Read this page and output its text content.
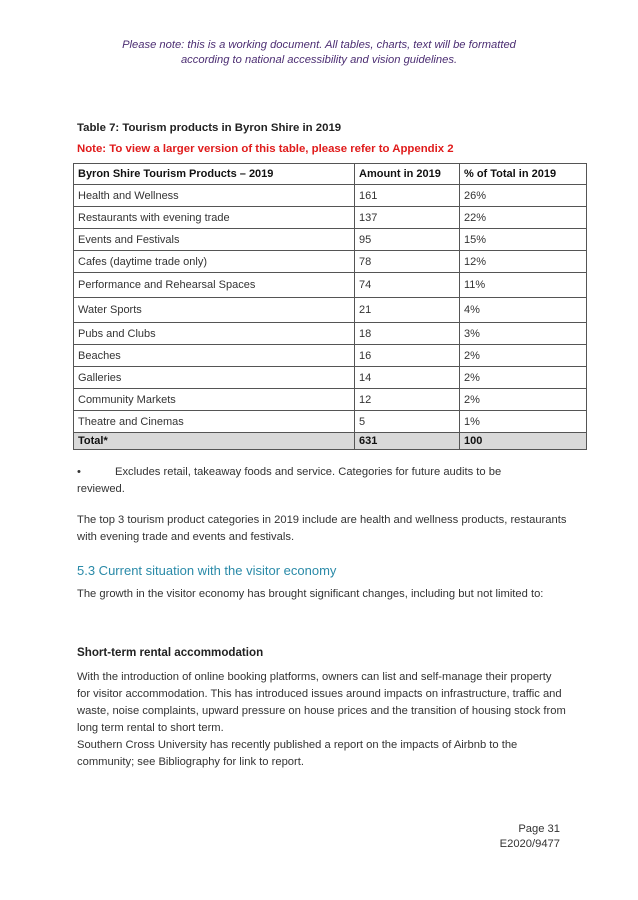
Please note: this is a working document. All tables, charts, text will be formatted
according to national accessibility and vision guidelines.
Table 7: Tourism products in Byron Shire in 2019
Note: To view a larger version of this table, please refer to Appendix 2
Byron Shire Tourism Products – 2019	Amount in 2019	% of Total in 2019
Health and Wellness	161	26%
Restaurants with evening trade	137	22%
Events and Festivals	95	15%
Cafes (daytime trade only)	78	12%
Performance and Rehearsal Spaces	74	11%
Water Sports	21	4%
Pubs and Clubs	18	3%
Beaches	16	2%
Galleries	14	2%
Community Markets	12	2%
Theatre and Cinemas	5	1%
Total*	631	100
•	Excludes retail, takeaway foods and service. Categories for future audits to be
reviewed.
The top 3 tourism product categories in 2019 include are health and wellness products, restaurants with evening trade and events and festivals.
5.3 Current situation with the visitor economy
The growth in the visitor economy has brought significant changes, including but not limited to:
Short-term rental accommodation
With the introduction of online booking platforms, owners can list and self-manage their property for visitor accommodation. This has introduced issues around impacts on infrastructure, traffic and waste, noise complaints, upward pressure on house prices and the transition of housing stock from long term rental to short term.
Southern Cross University has recently published a report on the impacts of Airbnb to the community; see Bibliography for link to report.
Page 31
E2020/9477
